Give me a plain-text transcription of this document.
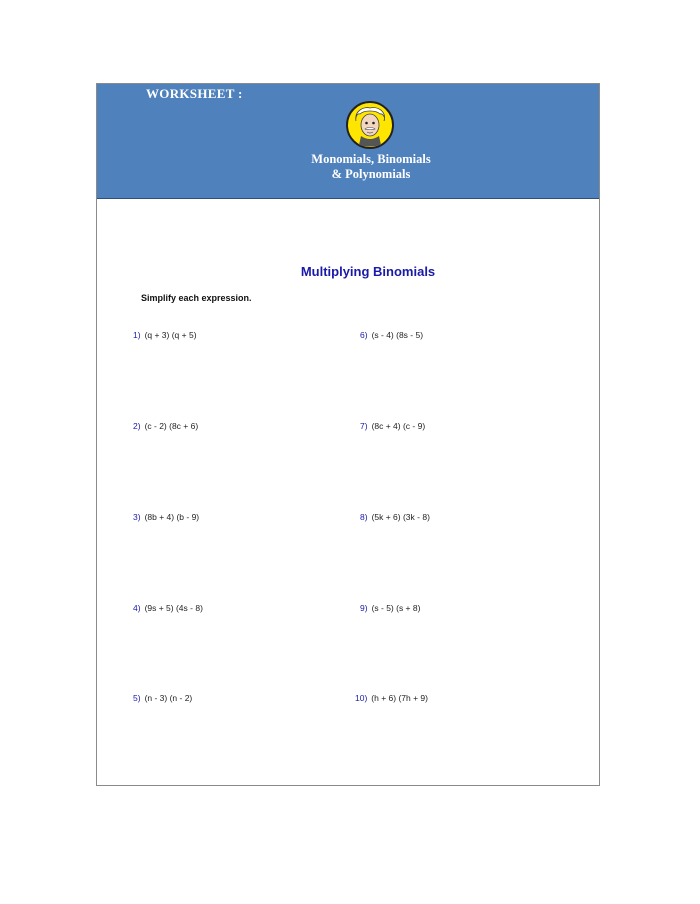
WORKSHEET :
Monomials, Binomials
& Polynomials
Multiplying Binomials
Simplify each expression.
1) (q + 3) (q + 5)
2) (c - 2) (8c + 6)
3) (8b + 4) (b - 9)
4) (9s + 5) (4s - 8)
5) (n - 3) (n - 2)
6) (s - 4) (8s - 5)
7) (8c + 4) (c - 9)
8) (5k + 6) (3k - 8)
9) (s - 5) (s + 8)
10) (h + 6) (7h + 9)
